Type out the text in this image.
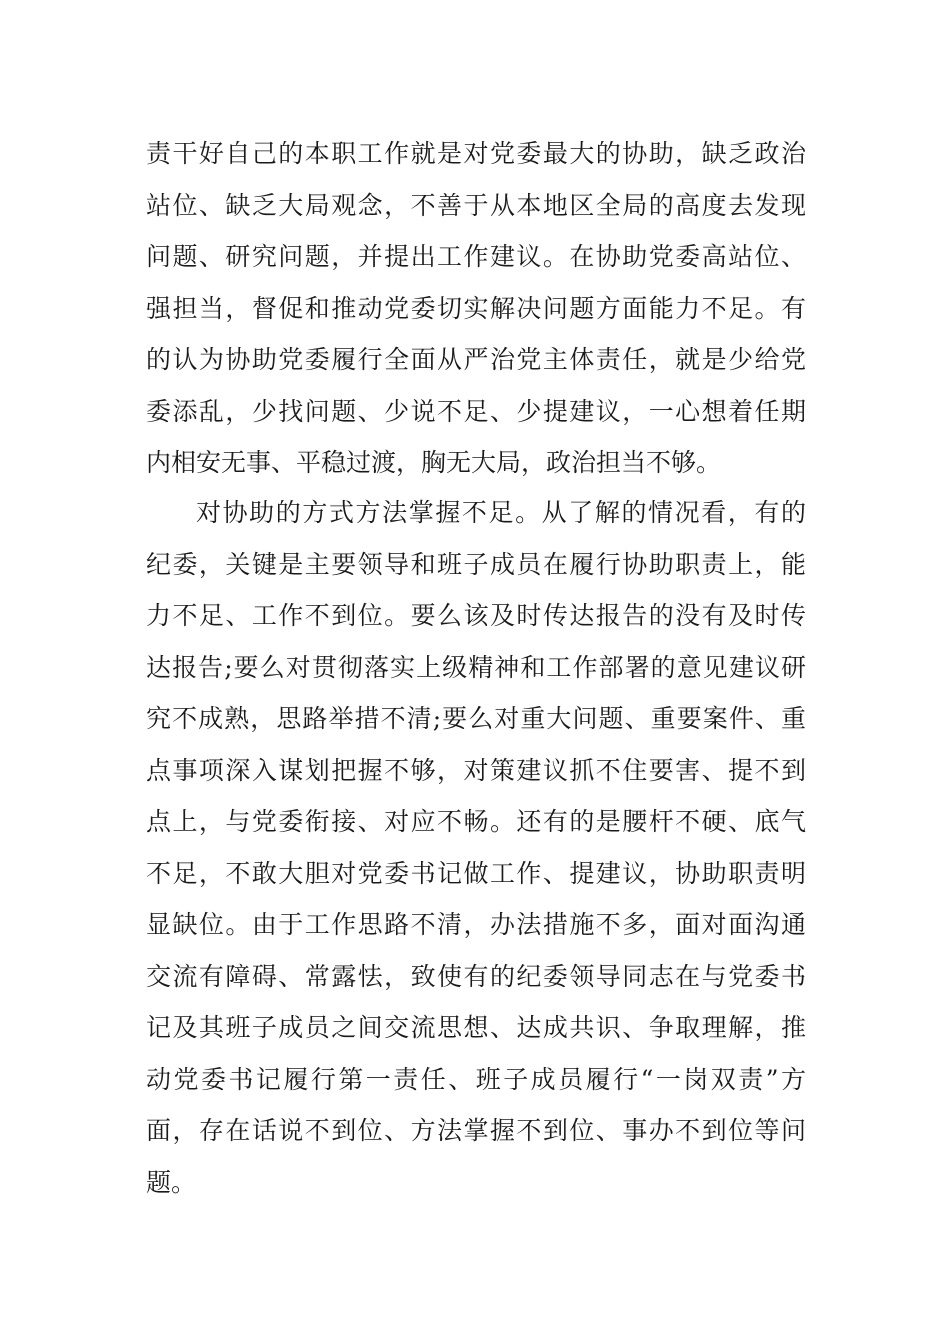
责干好自己的本职工作就是对党委最大的协助，缺乏政治
站位、缺乏大局观念，不善于从本地区全局的高度去发现
问题、研究问题，并提出工作建议。在协助党委高站位、
强担当，督促和推动党委切实解决问题方面能力不足。有
的认为协助党委履行全面从严治党主体责任，就是少给党
委添乱，少找问题、少说不足、少提建议，一心想着任期
内相安无事、平稳过渡，胸无大局，政治担当不够。
对协助的方式方法掌握不足。从了解的情况看，有的
纪委，关键是主要领导和班子成员在履行协助职责上，能
力不足、工作不到位。要么该及时传达报告的没有及时传
达报告;要么对贯彻落实上级精神和工作部署的意见建议研
究不成熟，思路举措不清;要么对重大问题、重要案件、重
点事项深入谋划把握不够，对策建议抓不住要害、提不到
点上，与党委衔接、对应不畅。还有的是腰杆不硬、底气
不足，不敢大胆对党委书记做工作、提建议，协助职责明
显缺位。由于工作思路不清，办法措施不多，面对面沟通
交流有障碍、常露怯，致使有的纪委领导同志在与党委书
记及其班子成员之间交流思想、达成共识、争取理解，推
动党委书记履行第一责任、班子成员履行“一岗双责”方
面，存在话说不到位、方法掌握不到位、事办不到位等问
题。
